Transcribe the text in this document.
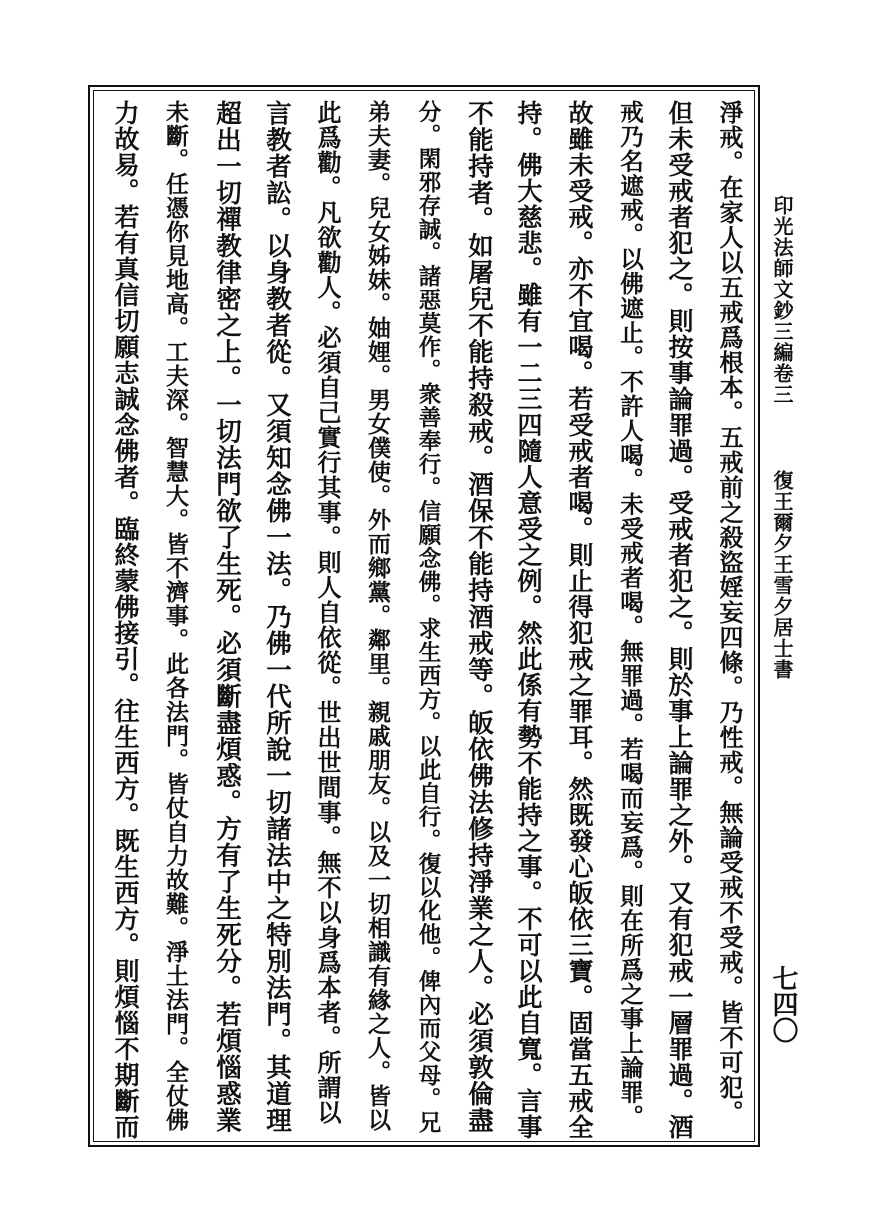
印光法師文鈔三編卷三
復王爾夕王雪夕居士書
七四〇
淨戒。在家人以五戒爲根本。五戒前之殺盜婬妄四條。乃性戒。無論受戒不受戒。皆不可犯。
但未受戒者犯之。則按事論罪過。受戒者犯之。則於事上論罪之外。又有犯戒一層罪過。酒
戒乃名遮戒。以佛遮止。不許人喝。未受戒者喝。無罪過。若喝而妄爲。則在所爲之事上論罪。
故雖未受戒。亦不宜喝。若受戒者喝。則止得犯戒之罪耳。然既發心皈依三寶。固當五戒全
持。佛大慈悲。雖有一二三四隨人意受之例。然此係有勢不能持之事。不可以此自寬。言事
不能持者。如屠兒不能持殺戒。酒保不能持酒戒等。皈依佛法修持淨業之人。必須敦倫盡
分。閑邪存誠。諸惡莫作。衆善奉行。信願念佛。求生西方。以此自行。復以化他。俾內而父母。兄
弟夫妻。兒女姊妹。妯娌。男女僕使。外而鄉黨。鄰里。親戚朋友。以及一切相識有緣之人。皆以
此爲勸。凡欲勸人。必須自己實行其事。則人自依從。世出世間事。無不以身爲本者。所謂以
言教者訟。以身教者從。又須知念佛一法。乃佛一代所說一切諸法中之特別法門。其道理
超出一切禪教律密之上。一切法門欲了生死。必須斷盡煩惑。方有了生死分。若煩惱惑業
未斷。任憑你見地高。工夫深。智慧大。皆不濟事。此各法門。皆仗自力故難。淨土法門。全仗佛
力故易。若有真信切願志誠念佛者。臨終蒙佛接引。往生西方。既生西方。則煩惱不期斷而
